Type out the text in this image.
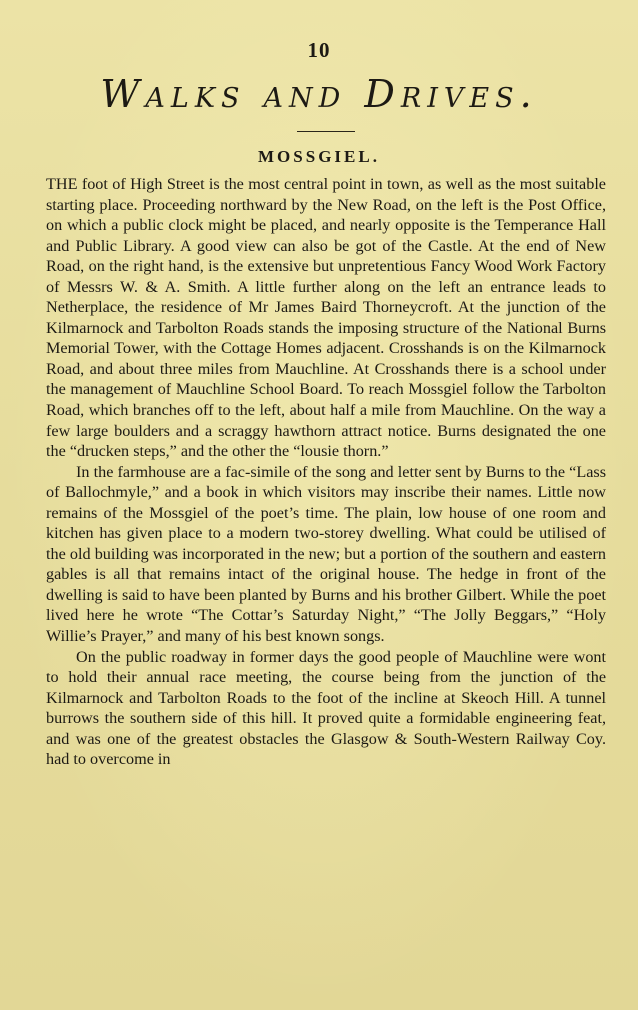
10
Walks and Drives.
MOSSGIEL.

THE foot of High Street is the most central point in town, as well as the most suitable starting place. Proceeding northward by the New Road, on the left is the Post Office, on which a public clock might be placed, and nearly opposite is the Temperance Hall and Public Library. A good view can also be got of the Castle. At the end of New Road, on the right hand, is the extensive but unpretentious Fancy Wood Work Factory of Messrs W. & A. Smith. A little further along on the left an entrance leads to Netherplace, the residence of Mr James Baird Thorneycroft. At the junction of the Kilmarnock and Tarbolton Roads stands the imposing structure of the National Burns Memorial Tower, with the Cottage Homes adjacent. Crosshands is on the Kilmarnock Road, and about three miles from Mauchline. At Crosshands there is a school under the management of Mauchline School Board. To reach Mossgiel follow the Tarbolton Road, which branches off to the left, about half a mile from Mauchline. On the way a few large boulders and a scraggy hawthorn attract notice. Burns designated the one the “drucken steps,” and the other the “lousie thorn.”

In the farmhouse are a fac-simile of the song and letter sent by Burns to the “Lass of Ballochmyle,” and a book in which visitors may inscribe their names. Little now remains of the Mossgiel of the poet’s time. The plain, low house of one room and kitchen has given place to a modern two-storey dwelling. What could be utilised of the old building was incorporated in the new; but a portion of the southern and eastern gables is all that remains intact of the original house. The hedge in front of the dwelling is said to have been planted by Burns and his brother Gilbert. While the poet lived here he wrote “The Cottar’s Saturday Night,” “The Jolly Beggars,” “Holy Willie’s Prayer,” and many of his best known songs.

On the public roadway in former days the good people of Mauchline were wont to hold their annual race meeting, the course being from the junction of the Kilmarnock and Tarbolton Roads to the foot of the incline at Skeoch Hill. A tunnel burrows the southern side of this hill. It proved quite a formidable engineering feat, and was one of the greatest obstacles the Glasgow & South-Western Railway Coy. had to overcome in
